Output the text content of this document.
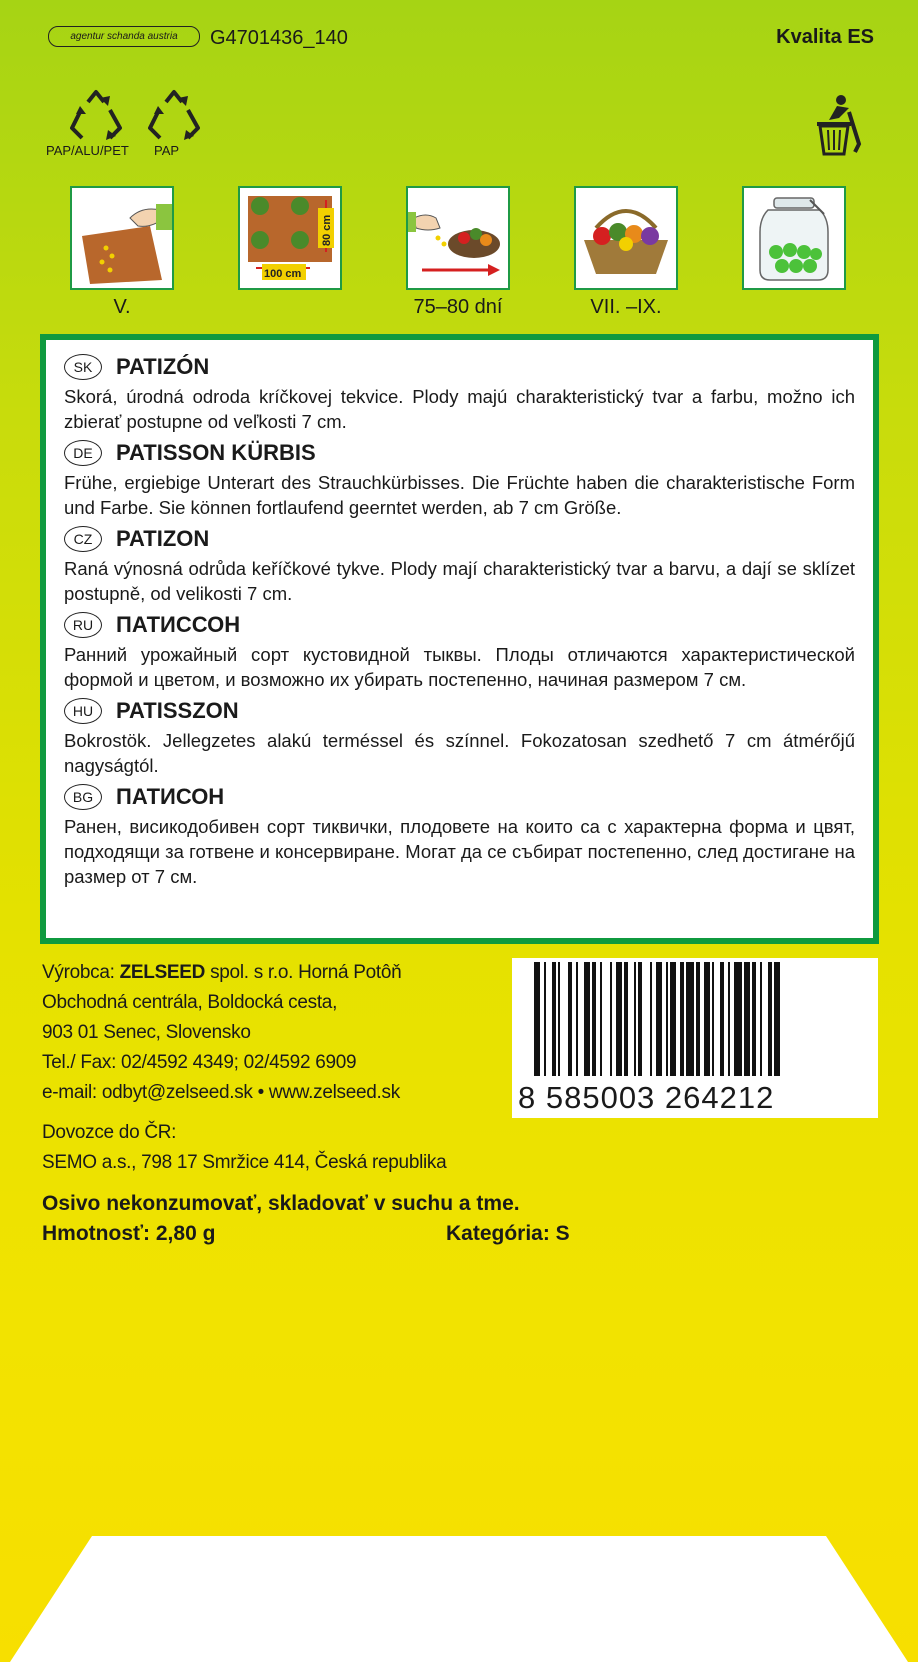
agentur schanda austria	G4701436_140	Kvalita ES
PAP/ALU/PET PAP
V.
100 cm
80 cm
75–80 dní	VII. –IX.
SK	PATIZÓN
Skorá, úrodná odroda kríčkovej tekvice. Plody majú charakteristický tvar a farbu, možno ich zbierať postupne od veľkosti 7 cm.
DE	PATISSON KÜRBIS
Frühe, ergiebige Unterart des Strauchkürbisses. Die Früchte haben die charakteristische Form und Farbe. Sie können fortlaufend geerntet werden, ab 7 cm Größe.
CZ	PATIZON
Raná výnosná odrůda keříčkové tykve. Plody mají charakteristický tvar a barvu, a dají se sklízet postupně, od velikosti 7 cm.
RU	ПАТИССОН
Ранний урожайный сорт кустовидной тыквы. Плоды отличаются характеристической формой и цветом, и возможно их убирать постепенно, начиная размером 7 см.
HU	PATISSZON
Bokrostök. Jellegzetes alakú terméssel és színnel. Fokozatosan szedhető 7 cm átmérőjű nagyságtól.
BG	ПАТИСОН
Ранен, висикодобивен сорт тиквички, плодовете на които са с характерна форма и цвят, подходящи за готвене и консервиране. Могат да се събират постепенно, след достигане на размер от 7 см.
Výrobca: ZELSEED spol. s r.o. Horná Potôň
Obchodná centrála, Boldocká cesta,
903 01 Senec, Slovensko
Tel./ Fax: 02/4592 4349; 02/4592 6909
e-mail: odbyt@zelseed.sk • www.zelseed.sk
Dovozce do ČR:
SEMO a.s., 798 17 Smržice 414, Česká republika
8 585003 264212
Osivo nekonzumovať, skladovať v suchu a tme.
Hmotnosť: 2,80 g	Kategória: S
